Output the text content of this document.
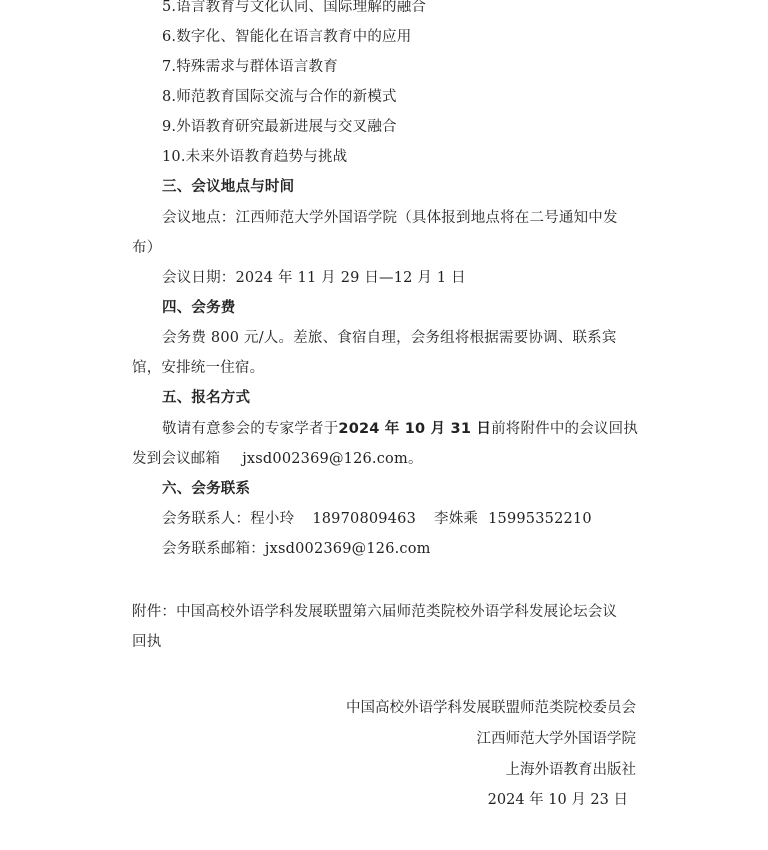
5.语言教育与文化认同、国际理解的融合
6.数字化、智能化在语言教育中的应用
7.特殊需求与群体语言教育
8.师范教育国际交流与合作的新模式
9.外语教育研究最新进展与交叉融合
10.未来外语教育趋势与挑战
三、会议地点与时间
会议地点：江西师范大学外国语学院（具体报到地点将在二号通知中发
布）
会议日期：2024 年 11 月 29 日—12 月 1 日
四、会务费
会务费 800 元/人。差旅、食宿自理，会务组将根据需要协调、联系宾
馆，安排统一住宿。
五、报名方式
敬请有意参会的专家学者于2024 年 10 月 31 日前将附件中的会议回执
发到会议邮箱 jxsd002369@126.com。
六、会务联系
会务联系人：程小玲 18970809463 李姝乘 15995352210
会务联系邮箱：jxsd002369@126.com
附件：中国高校外语学科发展联盟第六届师范类院校外语学科发展论坛会议
回执
中国高校外语学科发展联盟师范类院校委员会
江西师范大学外国语学院
上海外语教育出版社
2024 年 10 月 23 日
